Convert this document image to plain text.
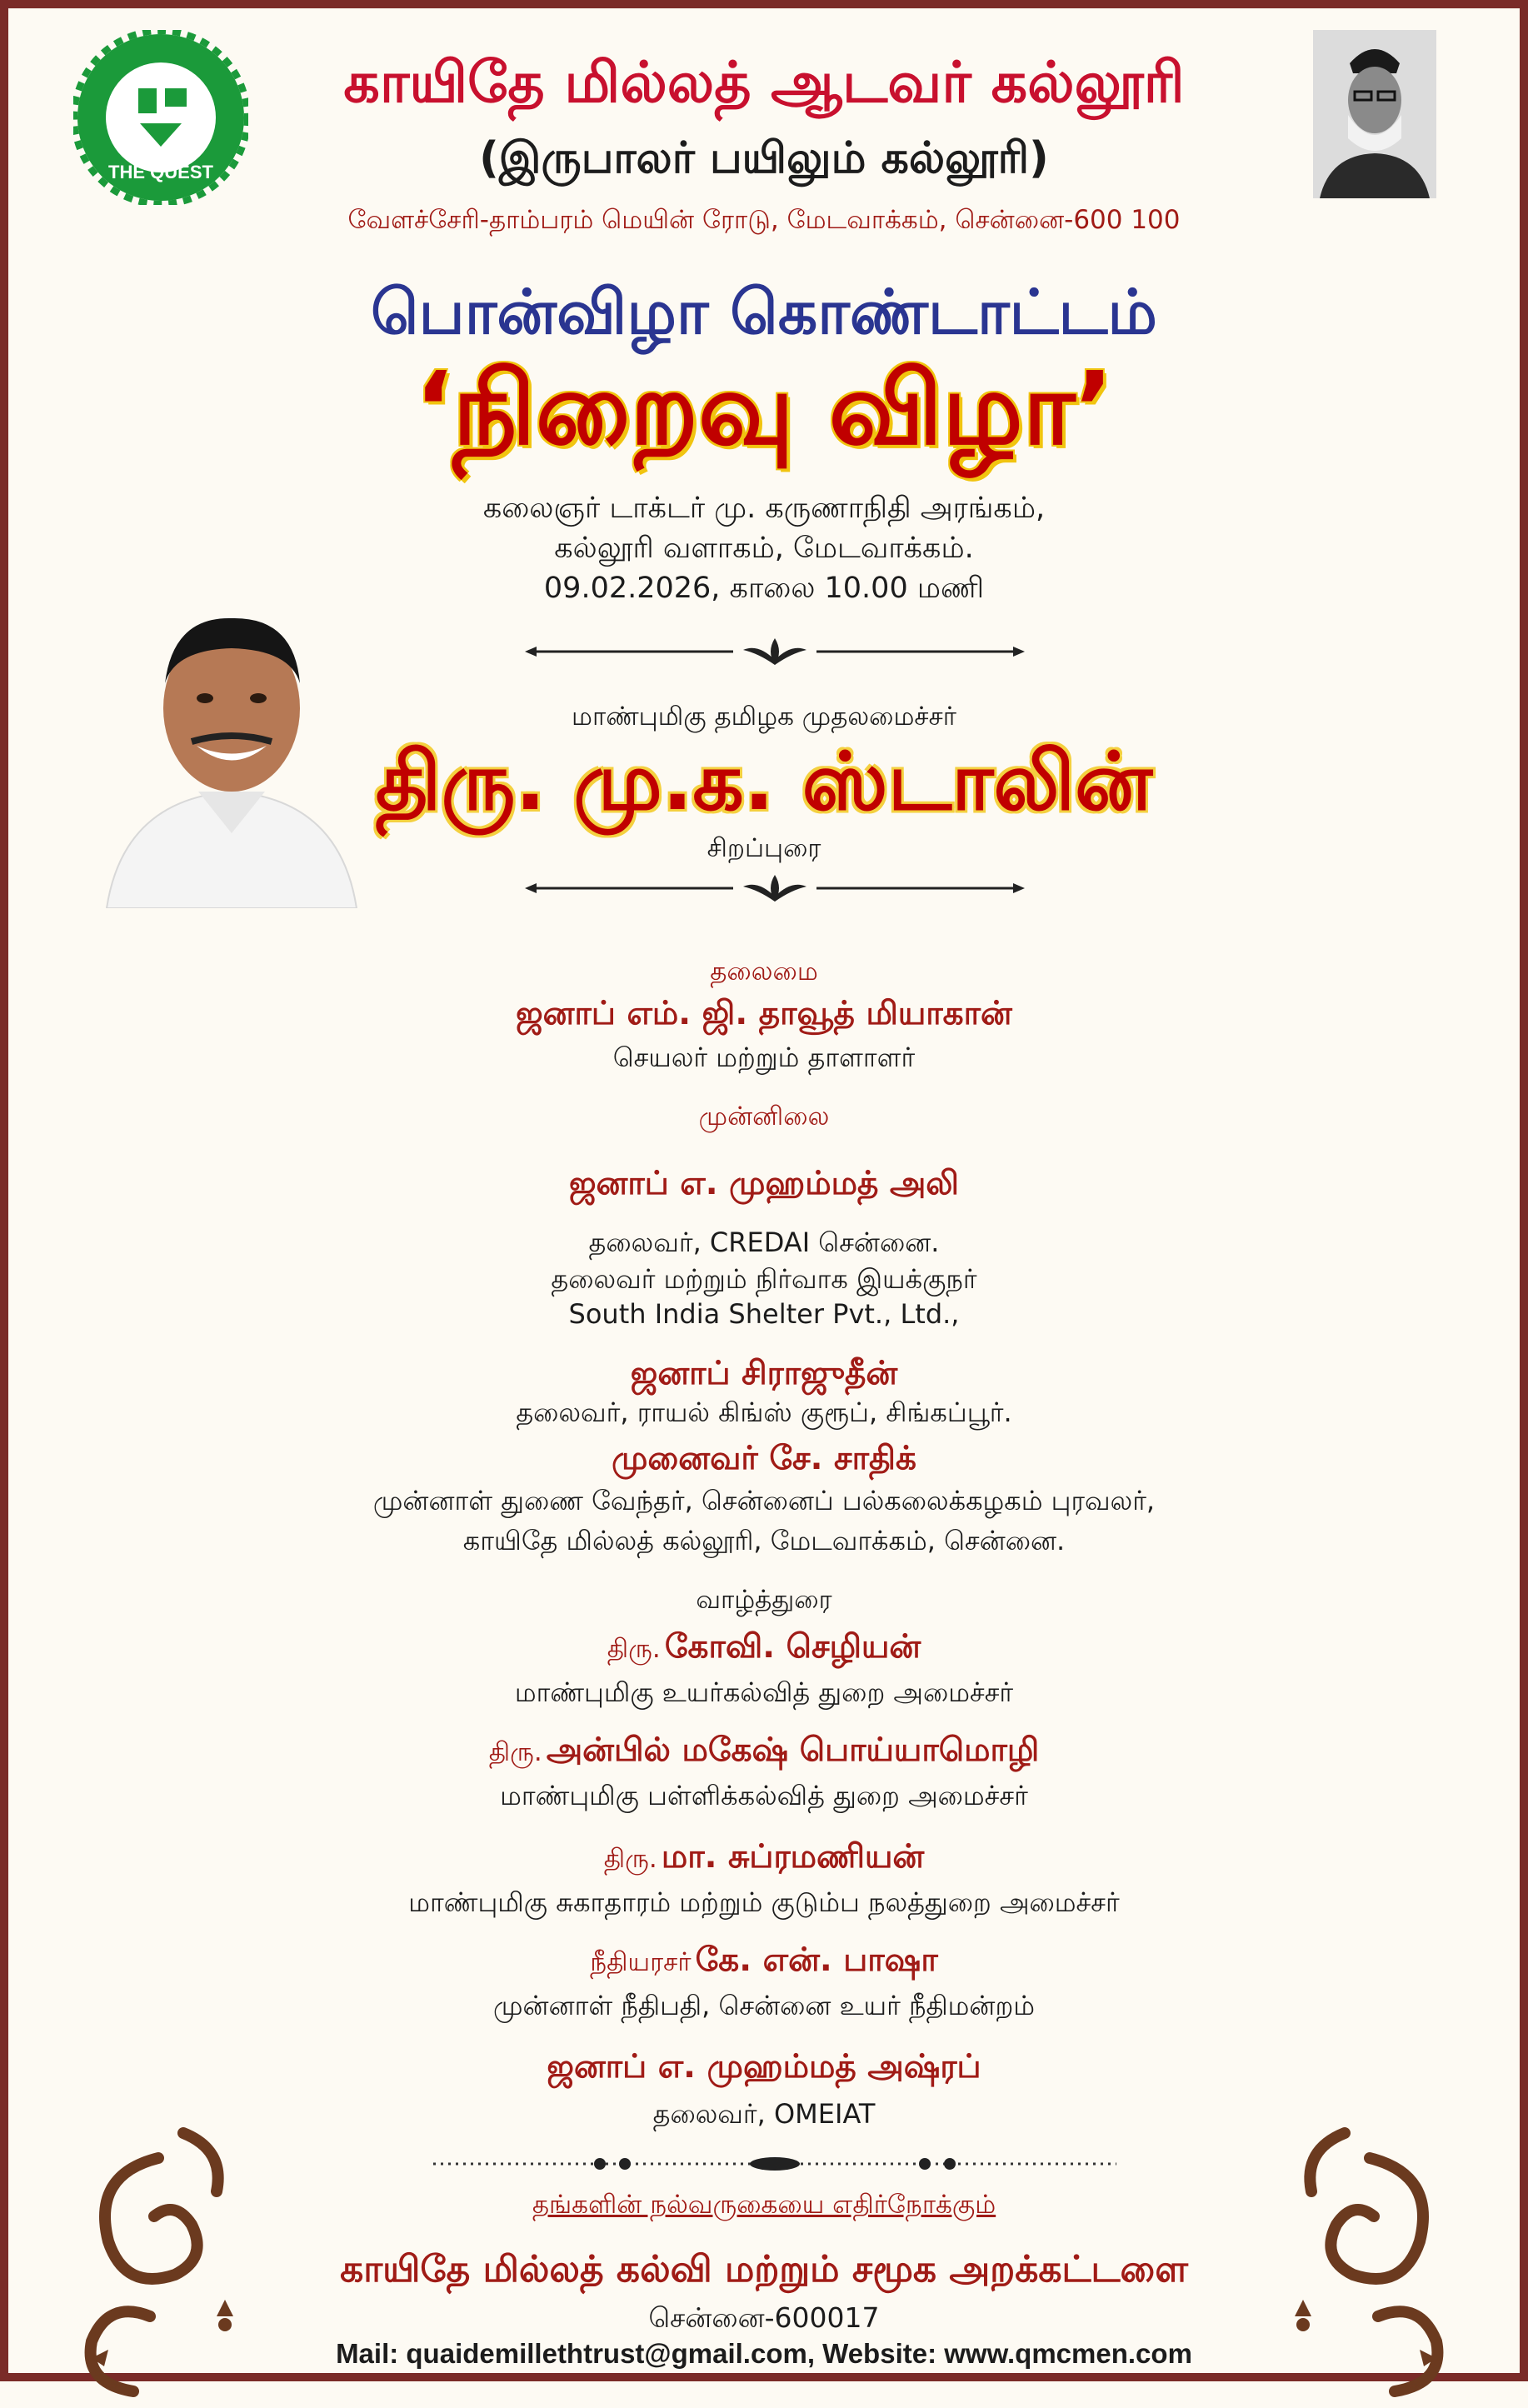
THE QUEST
காயிதே மில்லத் ஆடவர் கல்லூரி
(இருபாலர் பயிலும் கல்லூரி)
வேளச்சேரி-தாம்பரம் மெயின் ரோடு, மேடவாக்கம், சென்னை-600 100
பொன்விழா கொண்டாட்டம்
‘நிறைவு விழா’
கலைஞர் டாக்டர் மு. கருணாநிதி அரங்கம்,
கல்லூரி வளாகம், மேடவாக்கம்.
09.02.2026, காலை 10.00 மணி
மாண்புமிகு தமிழக முதலமைச்சர்
திரு. மு.க. ஸ்டாலின்
சிறப்புரை
தலைமை
ஜனாப் எம். ஜி. தாவூத் மியாகான்
செயலர் மற்றும் தாளாளர்
முன்னிலை
ஜனாப் எ. முஹம்மத் அலி
தலைவர், CREDAI சென்னை.
தலைவர் மற்றும் நிர்வாக இயக்குநர்
South India Shelter Pvt., Ltd.,
ஜனாப் சிராஜுதீன்
தலைவர், ராயல் கிங்ஸ் குரூப், சிங்கப்பூர்.
முனைவர் சே. சாதிக்
முன்னாள் துணை வேந்தர், சென்னைப் பல்கலைக்கழகம் புரவலர்,
காயிதே மில்லத் கல்லூரி, மேடவாக்கம், சென்னை.
வாழ்த்துரை
திரு. கோவி. செழியன்
மாண்புமிகு உயர்கல்வித் துறை அமைச்சர்
திரு. அன்பில் மகேஷ் பொய்யாமொழி
மாண்புமிகு பள்ளிக்கல்வித் துறை அமைச்சர்
திரு. மா. சுப்ரமணியன்
மாண்புமிகு சுகாதாரம் மற்றும் குடும்ப நலத்துறை அமைச்சர்
நீதியரசர் கே. என். பாஷா
முன்னாள் நீதிபதி, சென்னை உயர் நீதிமன்றம்
ஜனாப் எ. முஹம்மத் அஷ்ரப்
தலைவர், OMEIAT
தங்களின் நல்வருகையை எதிர்நோக்கும்
காயிதே மில்லத் கல்வி மற்றும் சமூக அறக்கட்டளை
சென்னை-600017
Mail: quaidemillethtrust@gmail.com, Website: www.qmcmen.com
